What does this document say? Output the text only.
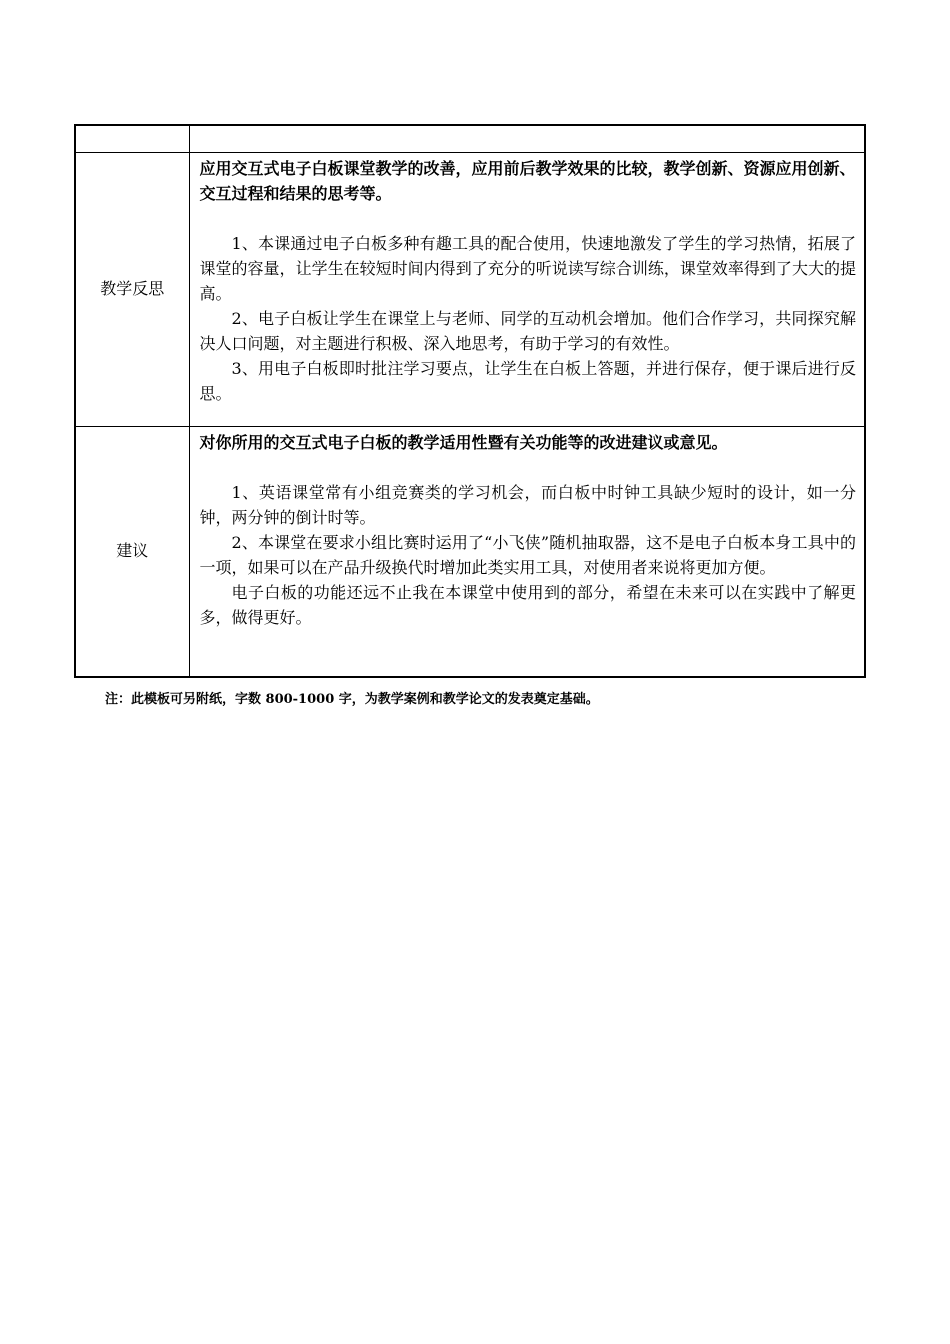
教学反思	应用交互式电子白板课堂教学的改善，应用前后教学效果的比较，教学创新、资源应用创新、交互过程和结果的思考等。

1、本课通过电子白板多种有趣工具的配合使用，快速地激发了学生的学习热情，拓展了课堂的容量，让学生在较短时间内得到了充分的听说读写综合训练，课堂效率得到了大大的提高。

2、电子白板让学生在课堂上与老师、同学的互动机会增加。他们合作学习，共同探究解决人口问题，对主题进行积极、深入地思考，有助于学习的有效性。

3、用电子白板即时批注学习要点，让学生在白板上答题，并进行保存，便于课后进行反思。

建议	对你所用的交互式电子白板的教学适用性暨有关功能等的改进建议或意见。

1、英语课堂常有小组竞赛类的学习机会，而白板中时钟工具缺少短时的设计，如一分钟，两分钟的倒计时等。

2、本课堂在要求小组比赛时运用了“小飞侠”随机抽取器，这不是电子白板本身工具中的一项，如果可以在产品升级换代时增加此类实用工具，对使用者来说将更加方便。

电子白板的功能还远不止我在本课堂中使用到的部分，希望在未来可以在实践中了解更多，做得更好。

注：此模板可另附纸，字数 800-1000 字，为教学案例和教学论文的发表奠定基础。
